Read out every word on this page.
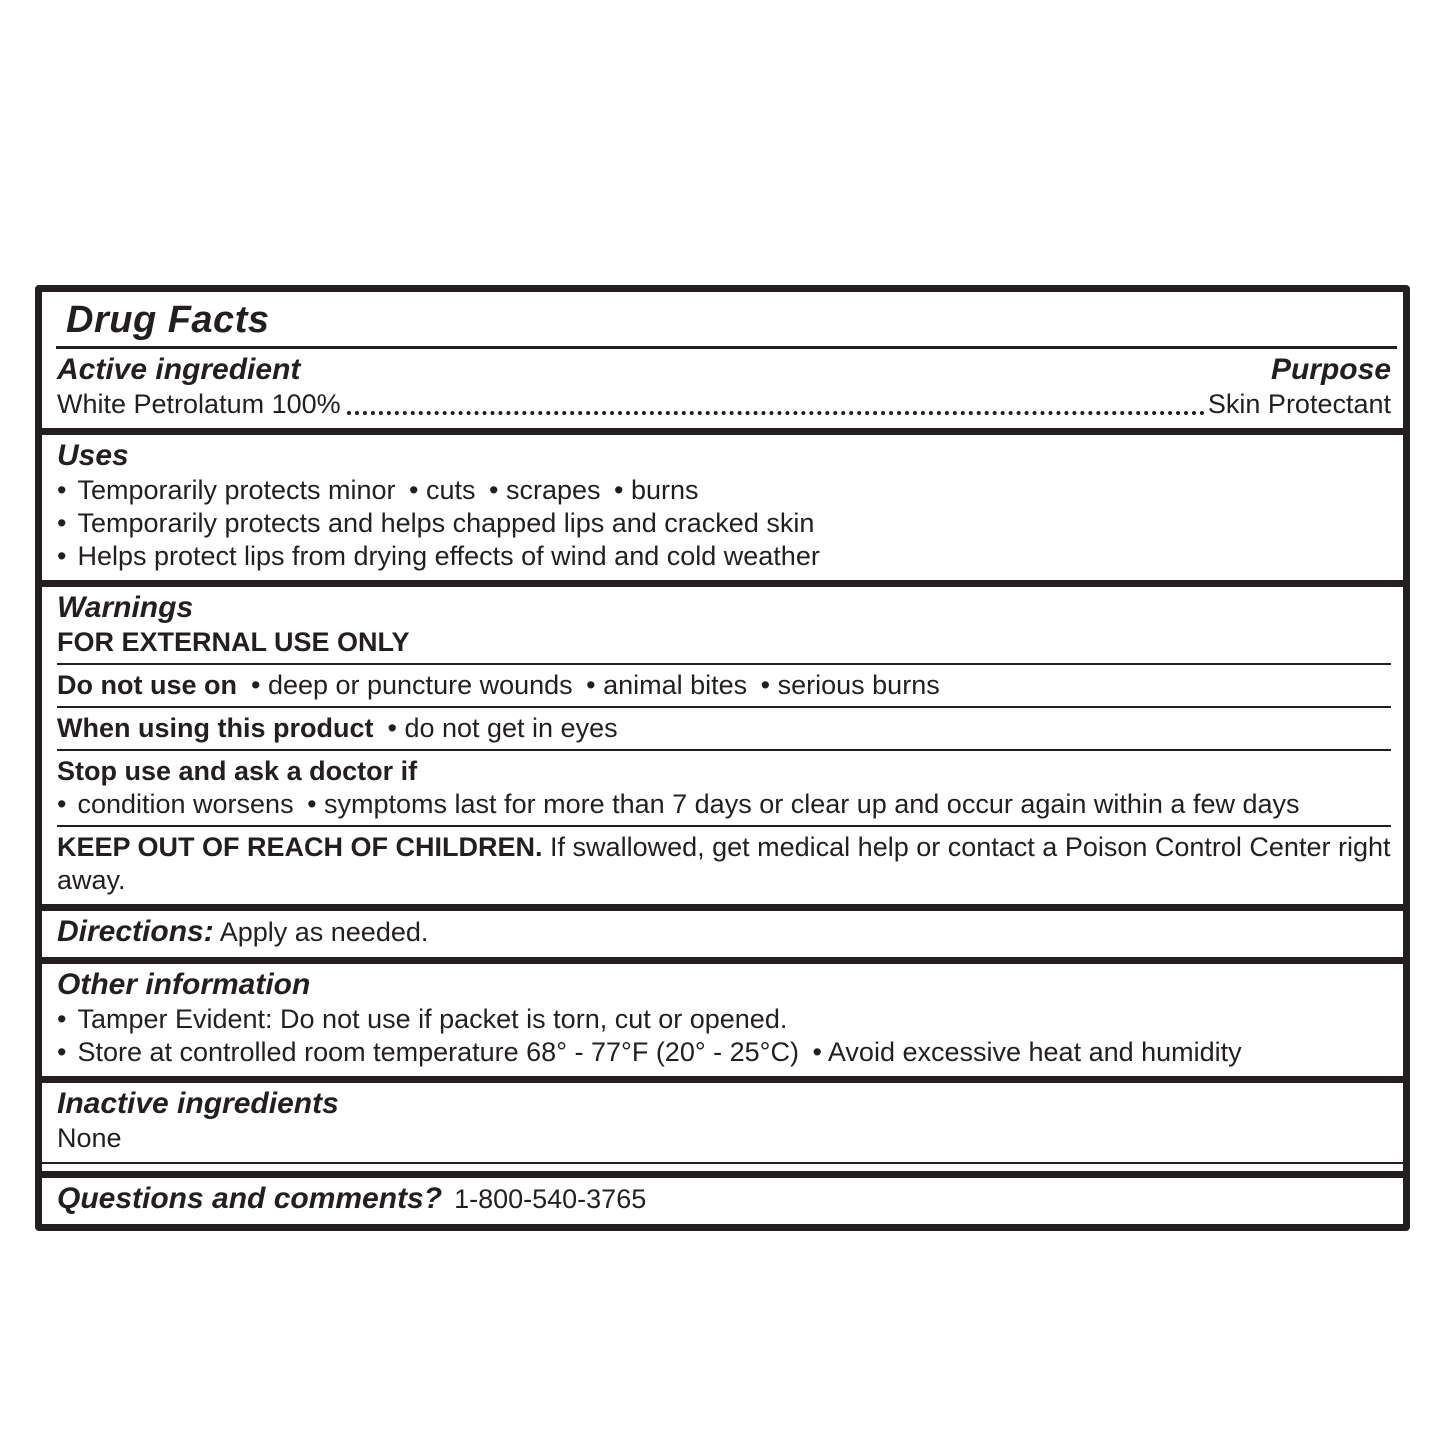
Drug Facts
Active ingredient	Purpose
White Petrolatum 100%	Skin Protectant
Uses
• Temporarily protects minor • cuts • scrapes • burns
• Temporarily protects and helps chapped lips and cracked skin
• Helps protect lips from drying effects of wind and cold weather
Warnings
FOR EXTERNAL USE ONLY
Do not use on • deep or puncture wounds • animal bites • serious burns
When using this product • do not get in eyes
Stop use and ask a doctor if
• condition worsens • symptoms last for more than 7 days or clear up and occur again within a few days
KEEP OUT OF REACH OF CHILDREN. If swallowed, get medical help or contact a Poison Control Center right away.
Directions: Apply as needed.
Other information
• Tamper Evident: Do not use if packet is torn, cut or opened.
• Store at controlled room temperature 68° - 77°F (20° - 25°C) • Avoid excessive heat and humidity
Inactive ingredients
None
Questions and comments? 1-800-540-3765
